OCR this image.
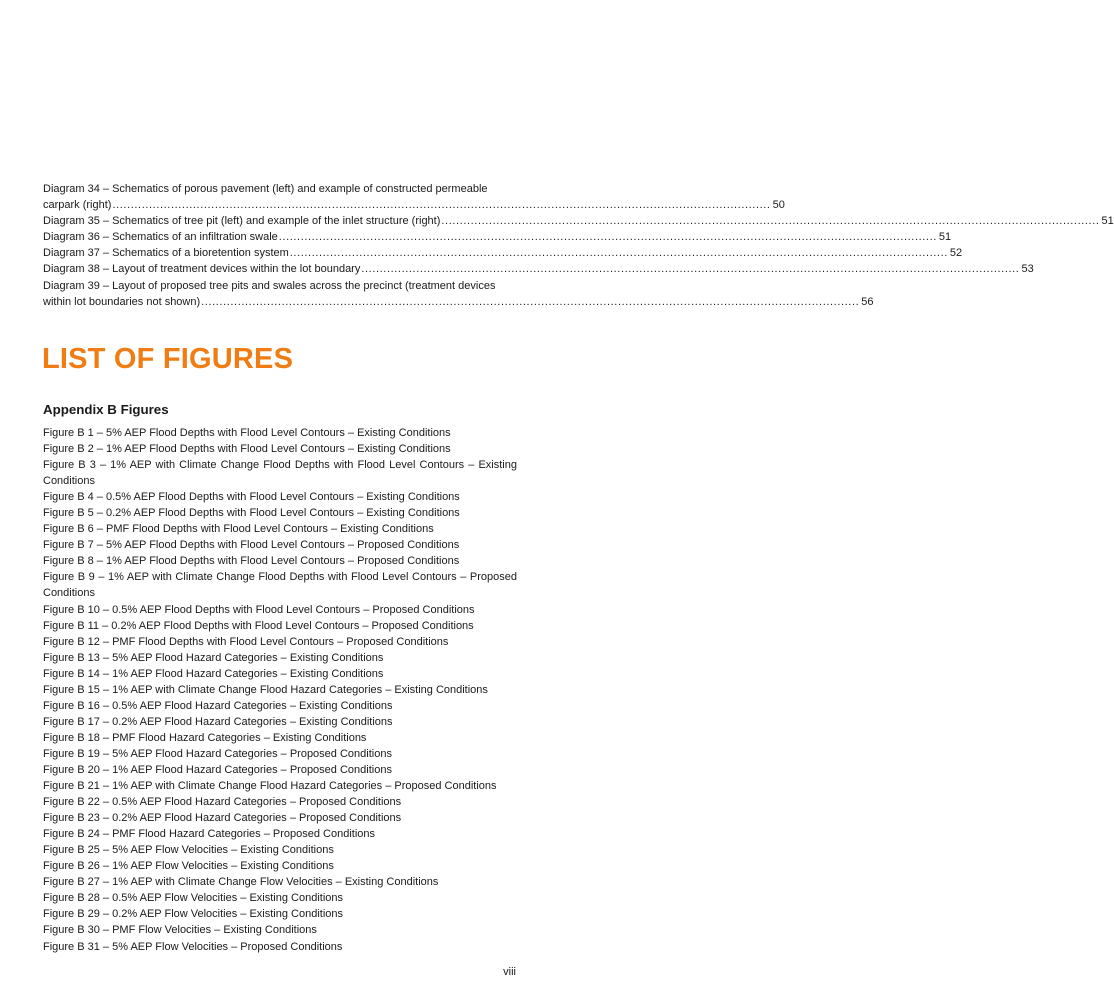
Diagram 34 – Schematics of porous pavement (left) and example of constructed permeable
carpark (right) .................................................................................................................................................................................... 50
Diagram 35 – Schematics of tree pit (left) and example of the inlet structure (right) .................................................................................................................................................................................... 51
Diagram 36 – Schematics of an infiltration swale .................................................................................................................................................................................... 51
Diagram 37 – Schematics of a bioretention system .................................................................................................................................................................................... 52
Diagram 38 – Layout of treatment devices within the lot boundary .................................................................................................................................................................................... 53
Diagram 39 – Layout of proposed tree pits and swales across the precinct (treatment devices
within lot boundaries not shown) .................................................................................................................................................................................... 56
LIST OF FIGURES
Appendix B Figures

Figure B 1 – 5% AEP Flood Depths with Flood Level Contours – Existing Conditions

Figure B 2 – 1% AEP Flood Depths with Flood Level Contours – Existing Conditions

Figure B 3 – 1% AEP with Climate Change Flood Depths with Flood Level Contours – Existing Conditions

Figure B 4 – 0.5% AEP Flood Depths with Flood Level Contours – Existing Conditions

Figure B 5 – 0.2% AEP Flood Depths with Flood Level Contours – Existing Conditions

Figure B 6 – PMF Flood Depths with Flood Level Contours – Existing Conditions

Figure B 7 – 5% AEP Flood Depths with Flood Level Contours – Proposed Conditions

Figure B 8 – 1% AEP Flood Depths with Flood Level Contours – Proposed Conditions

Figure B 9 – 1% AEP with Climate Change Flood Depths with Flood Level Contours – Proposed Conditions

Figure B 10 – 0.5% AEP Flood Depths with Flood Level Contours – Proposed Conditions

Figure B 11 – 0.2% AEP Flood Depths with Flood Level Contours – Proposed Conditions

Figure B 12 – PMF Flood Depths with Flood Level Contours – Proposed Conditions

Figure B 13 – 5% AEP Flood Hazard Categories – Existing Conditions

Figure B 14 – 1% AEP Flood Hazard Categories – Existing Conditions

Figure B 15 – 1% AEP with Climate Change Flood Hazard Categories – Existing Conditions

Figure B 16 – 0.5% AEP Flood Hazard Categories – Existing Conditions

Figure B 17 – 0.2% AEP Flood Hazard Categories – Existing Conditions

Figure B 18 – PMF Flood Hazard Categories – Existing Conditions

Figure B 19 – 5% AEP Flood Hazard Categories – Proposed Conditions

Figure B 20 – 1% AEP Flood Hazard Categories – Proposed Conditions

Figure B 21 – 1% AEP with Climate Change Flood Hazard Categories – Proposed Conditions

Figure B 22 – 0.5% AEP Flood Hazard Categories – Proposed Conditions

Figure B 23 – 0.2% AEP Flood Hazard Categories – Proposed Conditions

Figure B 24 – PMF Flood Hazard Categories – Proposed Conditions

Figure B 25 – 5% AEP Flow Velocities – Existing Conditions

Figure B 26 – 1% AEP Flow Velocities – Existing Conditions

Figure B 27 – 1% AEP with Climate Change Flow Velocities – Existing Conditions

Figure B 28 – 0.5% AEP Flow Velocities – Existing Conditions

Figure B 29 – 0.2% AEP Flow Velocities – Existing Conditions

Figure B 30 – PMF Flow Velocities – Existing Conditions

Figure B 31 – 5% AEP Flow Velocities – Proposed Conditions

viii
